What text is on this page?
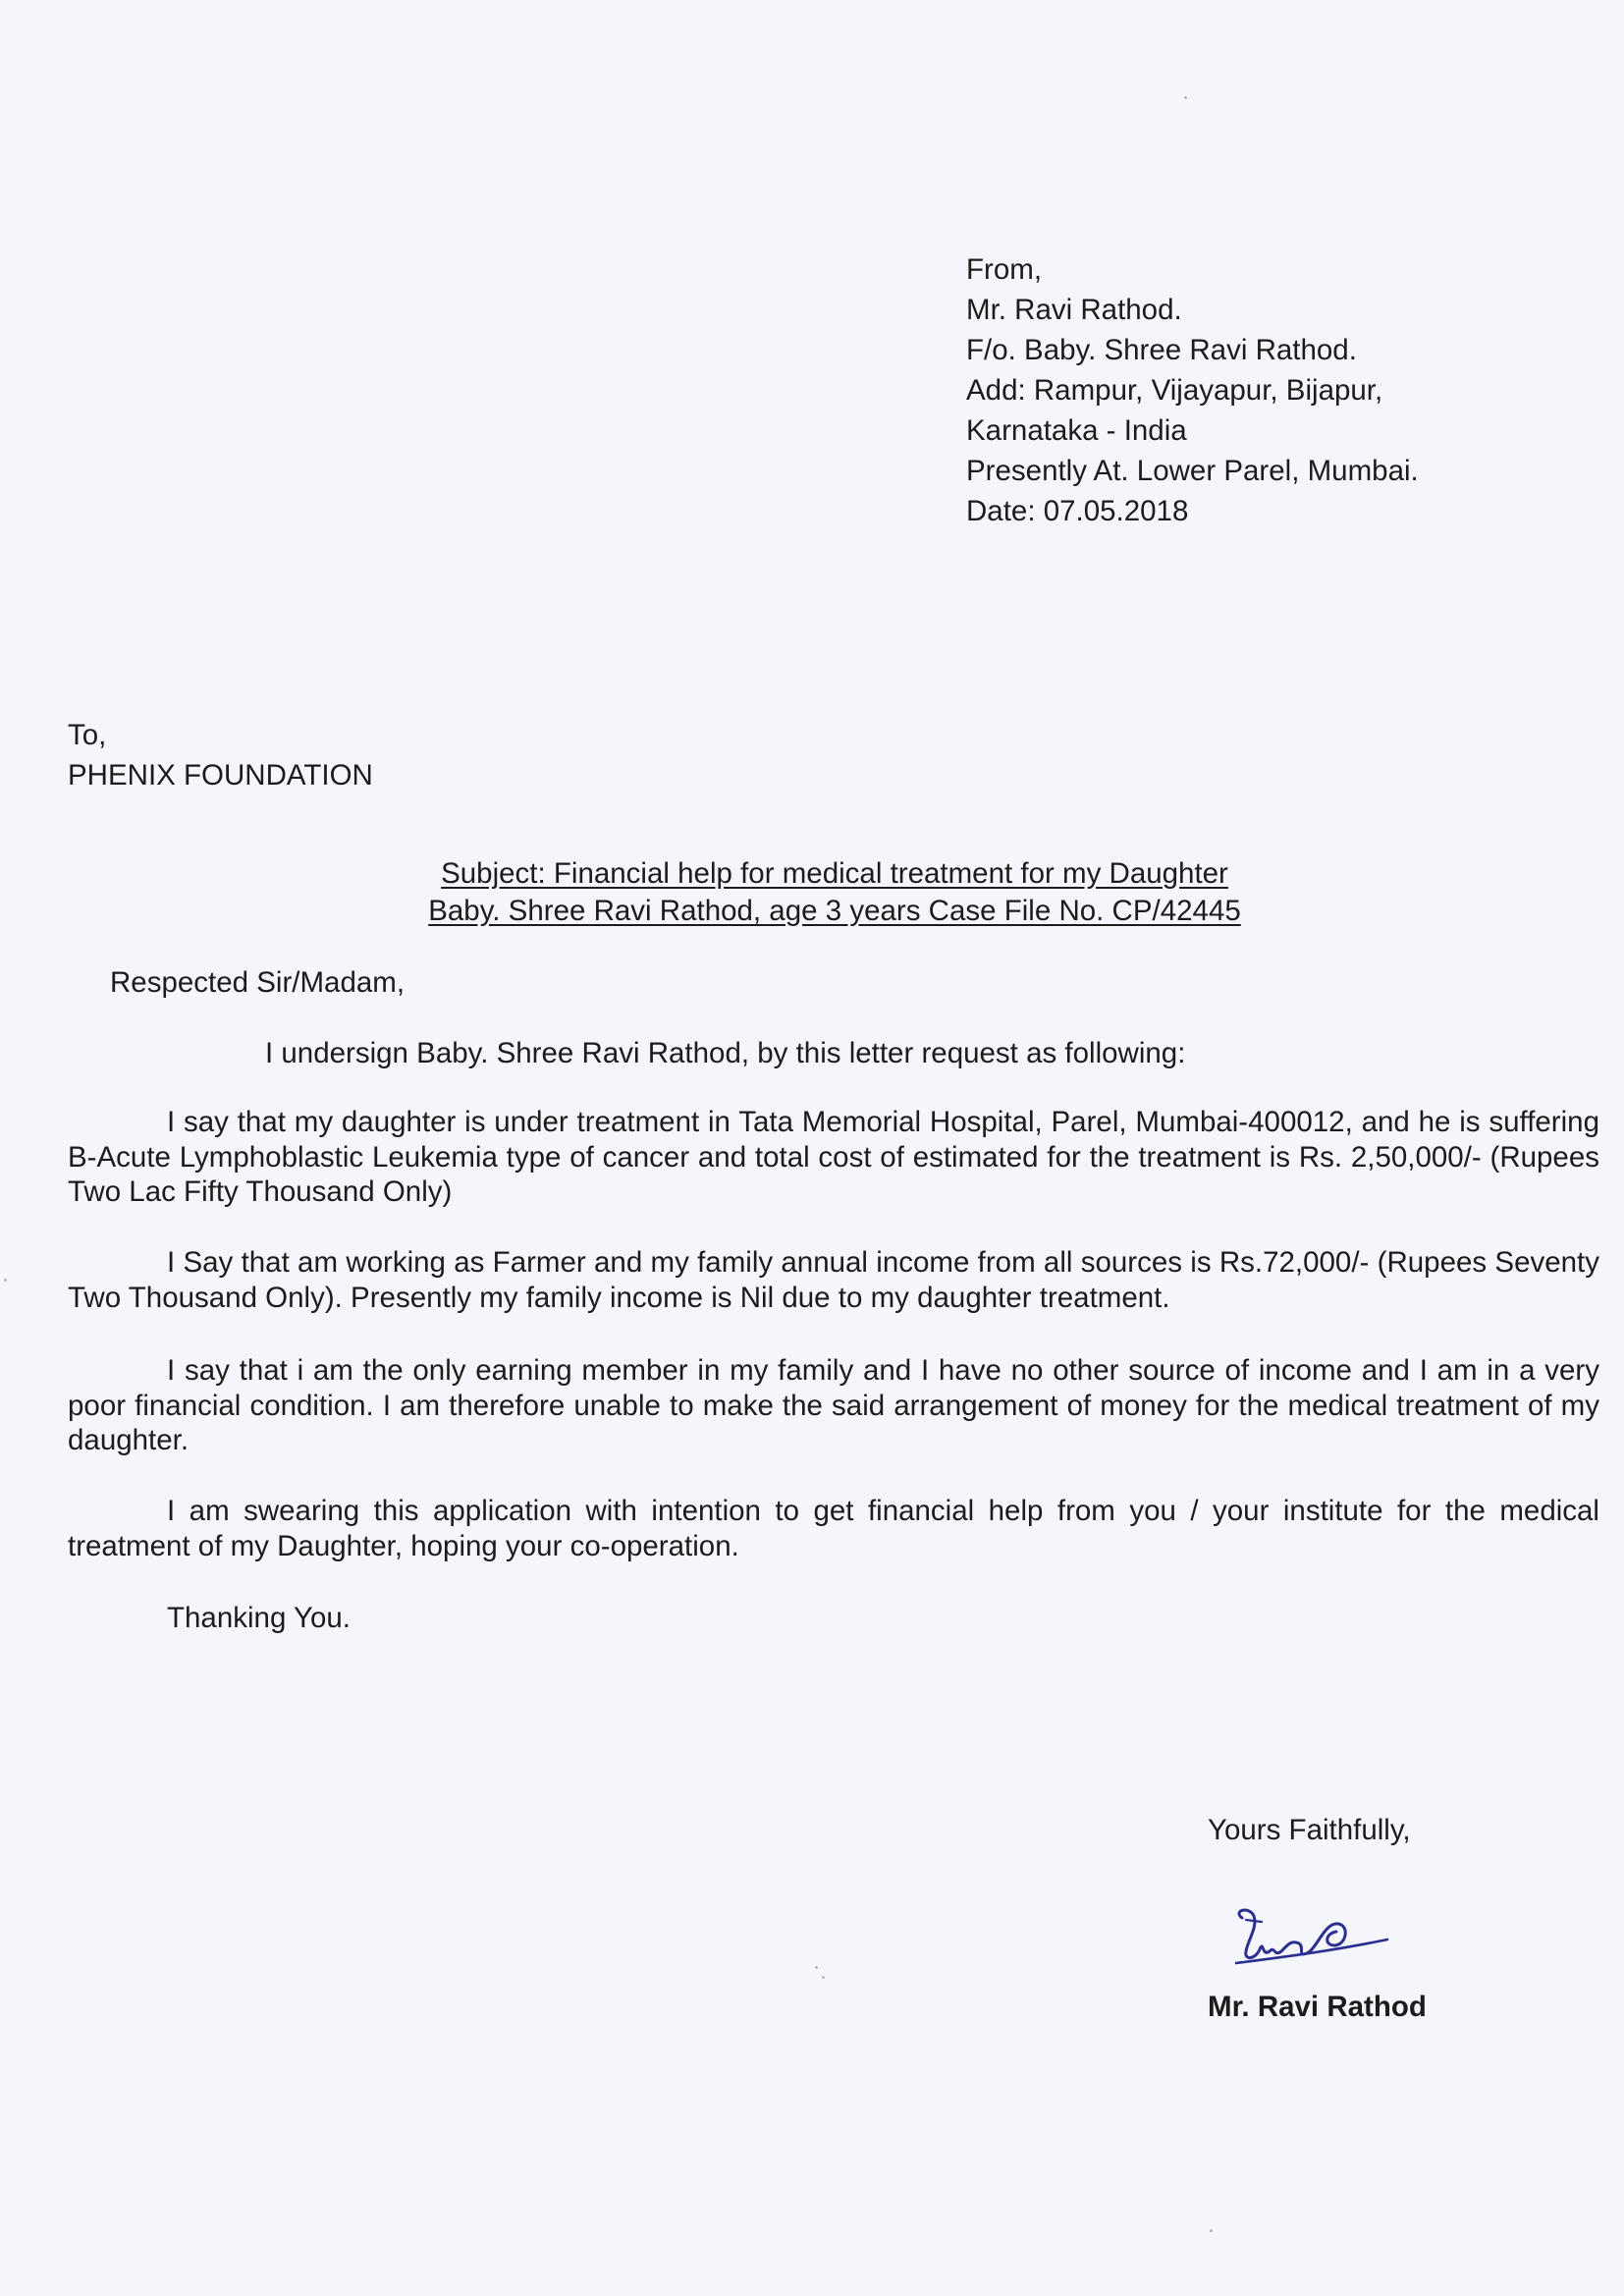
From,
Mr. Ravi Rathod.
F/o. Baby. Shree Ravi Rathod.
Add: Rampur, Vijayapur, Bijapur,
Karnataka - India
Presently At. Lower Parel, Mumbai.
Date: 07.05.2018
To,
PHENIX FOUNDATION
Subject: Financial help for medical treatment for my Daughter
Baby. Shree Ravi Rathod, age 3 years Case File No. CP/42445
Respected Sir/Madam,
I undersign Baby. Shree Ravi Rathod, by this letter request as following:
I say that my daughter is under treatment in Tata Memorial Hospital, Parel, Mumbai-400012, and he is suffering B-Acute Lymphoblastic Leukemia type of cancer and total cost of estimated for the treatment is Rs. 2,50,000/- (Rupees Two Lac Fifty Thousand Only)
I Say that am working as Farmer and my family annual income from all sources is Rs.72,000/- (Rupees Seventy Two Thousand Only). Presently my family income is Nil due to my daughter treatment.
I say that i am the only earning member in my family and I have no other source of income and I am in a very poor financial condition. I am therefore unable to make the said arrangement of money for the medical treatment of my daughter.
I am swearing this application with intention to get financial help from you / your institute for the medical treatment of my Daughter, hoping your co-operation.
Thanking You.
Yours Faithfully,
Mr. Ravi Rathod
